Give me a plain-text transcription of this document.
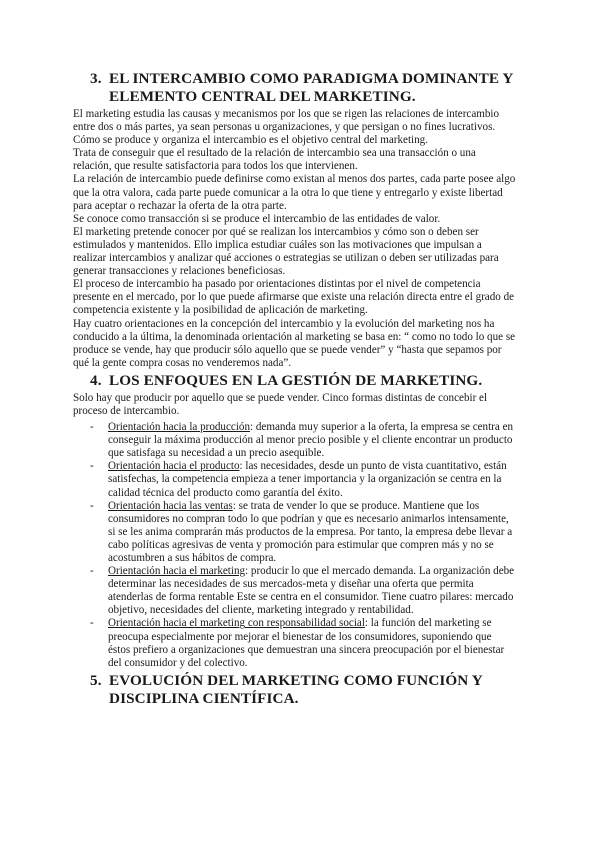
3. EL INTERCAMBIO COMO PARADIGMA DOMINANTE Y ELEMENTO CENTRAL DEL MARKETING.

El marketing estudia las causas y mecanismos por los que se rigen las relaciones de intercambio entre dos o más partes, ya sean personas u organizaciones, y que persigan o no fines lucrativos. Cómo se produce y organiza el intercambio es el objetivo central del marketing.

Trata de conseguir que el resultado de la relación de intercambio sea una transacción o una relación, que resulte satisfactoria para todos los que intervienen.

La relación de intercambio puede definirse como existan al menos dos partes, cada parte posee algo que la otra valora, cada parte puede comunicar a la otra lo que tiene y entregarlo y existe libertad para aceptar o rechazar la oferta de la otra parte.

Se conoce como transacción si se produce el intercambio de las entidades de valor.

El marketing pretende conocer por qué se realizan los intercambios y cómo son o deben ser estimulados y mantenidos. Ello implica estudiar cuáles son las motivaciones que impulsan a realizar intercambios y analizar qué acciones o estrategias se utilizan o deben ser utilizadas para generar transacciones y relaciones beneficiosas.

El proceso de intercambio ha pasado por orientaciones distintas por el nivel de competencia presente en el mercado, por lo que puede afirmarse que existe una relación directa entre el grado de competencia existente y la posibilidad de aplicación de marketing.

Hay cuatro orientaciones en la concepción del intercambio y la evolución del marketing nos ha conducido a la última, la denominada orientación al marketing se basa en: “ como no todo lo que se produce se vende, hay que producir sólo aquello que se puede vender” y “hasta que sepamos por qué la gente compra cosas no venderemos nada”.

4. LOS ENFOQUES EN LA GESTIÓN DE MARKETING.

Solo hay que producir por aquello que se puede vender. Cinco formas distintas de concebir el proceso de intercambio.

- Orientación hacia la producción: demanda muy superior a la oferta, la empresa se centra en conseguir la máxima producción al menor precio posible y el cliente encontrar un producto que satisfaga su necesidad a un precio asequible.
- Orientación hacia el producto: las necesidades, desde un punto de vista cuantitativo, están satisfechas, la competencia empieza a tener importancia y la organización se centra en la calidad técnica del producto como garantía del éxito.
- Orientación hacia las ventas: se trata de vender lo que se produce. Mantiene que los consumidores no compran todo lo que podrían y que es necesario animarlos intensamente, si se les anima comprarán más productos de la empresa. Por tanto, la empresa debe llevar a cabo políticas agresivas de venta y promoción para estimular que compren más y no se acostumbren a sus hábitos de compra.
- Orientación hacia el marketing: producir lo que el mercado demanda. La organización debe determinar las necesidades de sus mercados-meta y diseñar una oferta que permita atenderlas de forma rentable Este se centra en el consumidor. Tiene cuatro pilares: mercado objetivo, necesidades del cliente, marketing integrado y rentabilidad.
- Orientación hacia el marketing con responsabilidad social: la función del marketing se preocupa especialmente por mejorar el bienestar de los consumidores, suponiendo que éstos prefiero a organizaciones que demuestran una sincera preocupación por el bienestar del consumidor y del colectivo.
5. EVOLUCIÓN DEL MARKETING COMO FUNCIÓN Y DISCIPLINA CIENTÍFICA.
